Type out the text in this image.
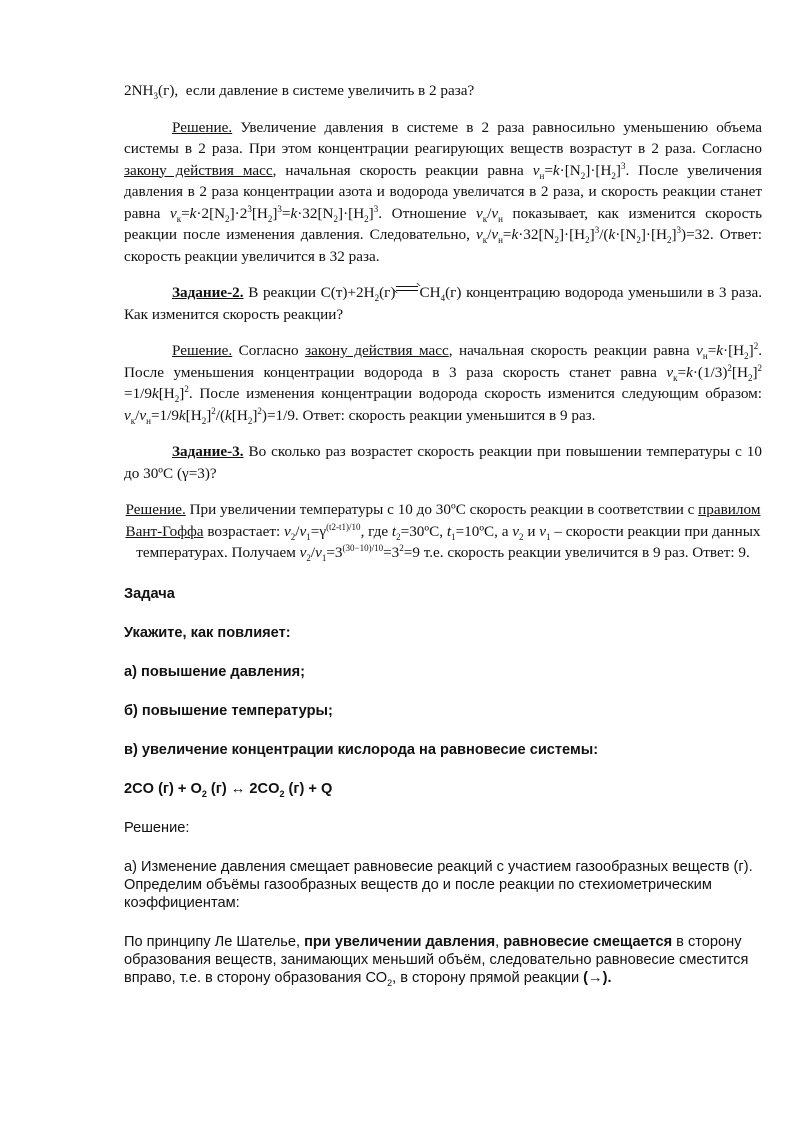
$2NH_3(г)$,  если давление в системе увеличить в 2 раза?

Решение. Увеличение давления в системе в 2 раза равносильно уменьшению объема системы в 2 раза. При этом концентрации реагирующих веществ возрастут в 2 раза. Согласно закону действия масс, начальная скорость реакции равна $v_н=k\cdot[N_2]\cdot[H_2]^3$. После увеличения давления в 2 раза концентрации азота и водорода увеличатся в 2 раза, и скорость реакции станет равна $v_к=k\cdot 2[N_2]\cdot 2^3[H_2]^3=k\cdot 32[N_2]\cdot[H_2]^3$. Отношение $v_к/v_н$ показывает, как изменится скорость реакции после изменения давления. Следовательно, $v_к/v_н=k\cdot 32[N_2]\cdot[H_2]^3/(k\cdot[N_2]\cdot[H_2]^3)=32$. Ответ: скорость реакции увеличится в 32 раза.

Задание-2. В реакции $С(т)+2H_2(г)$ $CH_4(г)$ концентрацию водорода уменьшили в 3 раза. Как изменится скорость реакции?

Решение. Согласно закону действия масс, начальная скорость реакции равна $v_н=k\cdot[H_2]^2$. После уменьшения концентрации водорода в 3 раза скорость станет равна $v_к=k\cdot(1/3)^2[H_2]^2 =1/9k[H_2]^2$. После изменения концентрации водорода скорость изменится следующим образом: $v_к/v_н=1/9k[H_2]^2/(k[H_2]^2)=1/9$. Ответ: скорость реакции уменьшится в 9 раз.

Задание-3. Во сколько раз возрастет скорость реакции при повышении температуры с 10 до 30ºС (γ=3)?

Решение. При увеличении температуры с 10 до 30ºС скорость реакции в соответствии с правилом Вант-Гоффа возрастает: $v_2/v_1=\gamma^{(t2-t1)/10}$, где $t_2=30ºС$, $t_1=10ºС$, а $v_2$ и $v_1$ – скорости реакции при данных температурах. Получаем $v_2/v_1=3^{(30-10)/10}=3^2=9$ т.е. скорость реакции увеличится в 9 раз. Ответ: 9.

Задача

Укажите, как повлияет:

а) повышение давления;

б) повышение температуры;

в) увеличение концентрации кислорода на равновесие системы:

2CO $(г) + O_2$ (г) ↔ $2CO_2$ (г) + Q

Решение:

а) Изменение давления смещает равновесие реакций с участием газообразных веществ (г). Определим объёмы газообразных веществ до и после реакции по стехиометрическим коэффициентам:

По принципу Ле Шателье, при увеличении давления, равновесие смещается в сторону образования веществ, занимающих меньший объём, следовательно равновесие сместится вправо, т.е. в сторону образования $СО_2$, в сторону прямой реакции (→).
